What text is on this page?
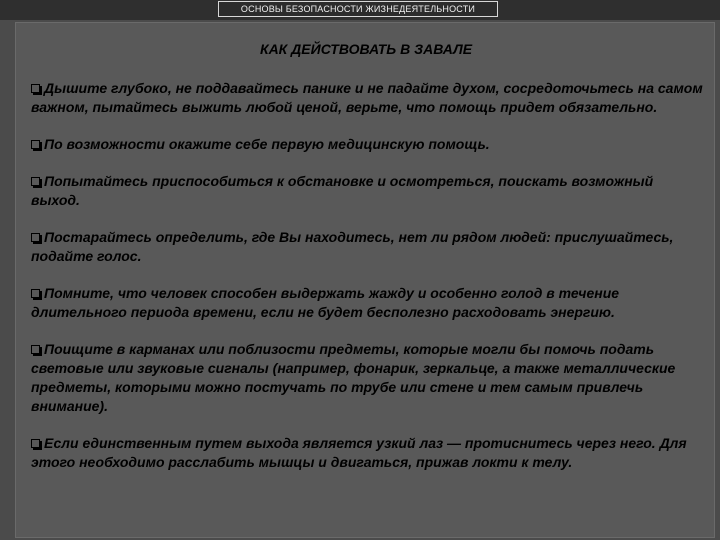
ОСНОВЫ БЕЗОПАСНОСТИ ЖИЗНЕДЕЯТЕЛЬНОСТИ
КАК ДЕЙСТВОВАТЬ В ЗАВАЛЕ
Дышите глубоко, не поддавайтесь панике и не падайте духом, сосредоточьтесь на самом важном, пытайтесь выжить любой ценой, верьте, что помощь придет обязательно.
По возможности окажите себе первую медицинскую помощь.
Попытайтесь приспособиться к обстановке и осмотреться, поискать возможный выход.
Постарайтесь определить, где Вы находитесь, нет ли рядом людей: прислушайтесь, подайте голос.
Помните, что человек способен выдержать жажду и особенно голод в течение длительного периода времени, если не будет бесполезно расходовать энергию.
Поищите в карманах или поблизости предметы, которые могли бы помочь подать световые или звуковые сигналы (например, фонарик, зеркальце, а также металлические предметы, которыми можно постучать по трубе или стене и тем самым привлечь внимание).
Если единственным путем выхода является узкий лаз — протиснитесь через него. Для этого необходимо расслабить мышцы и двигаться, прижав локти к телу.
